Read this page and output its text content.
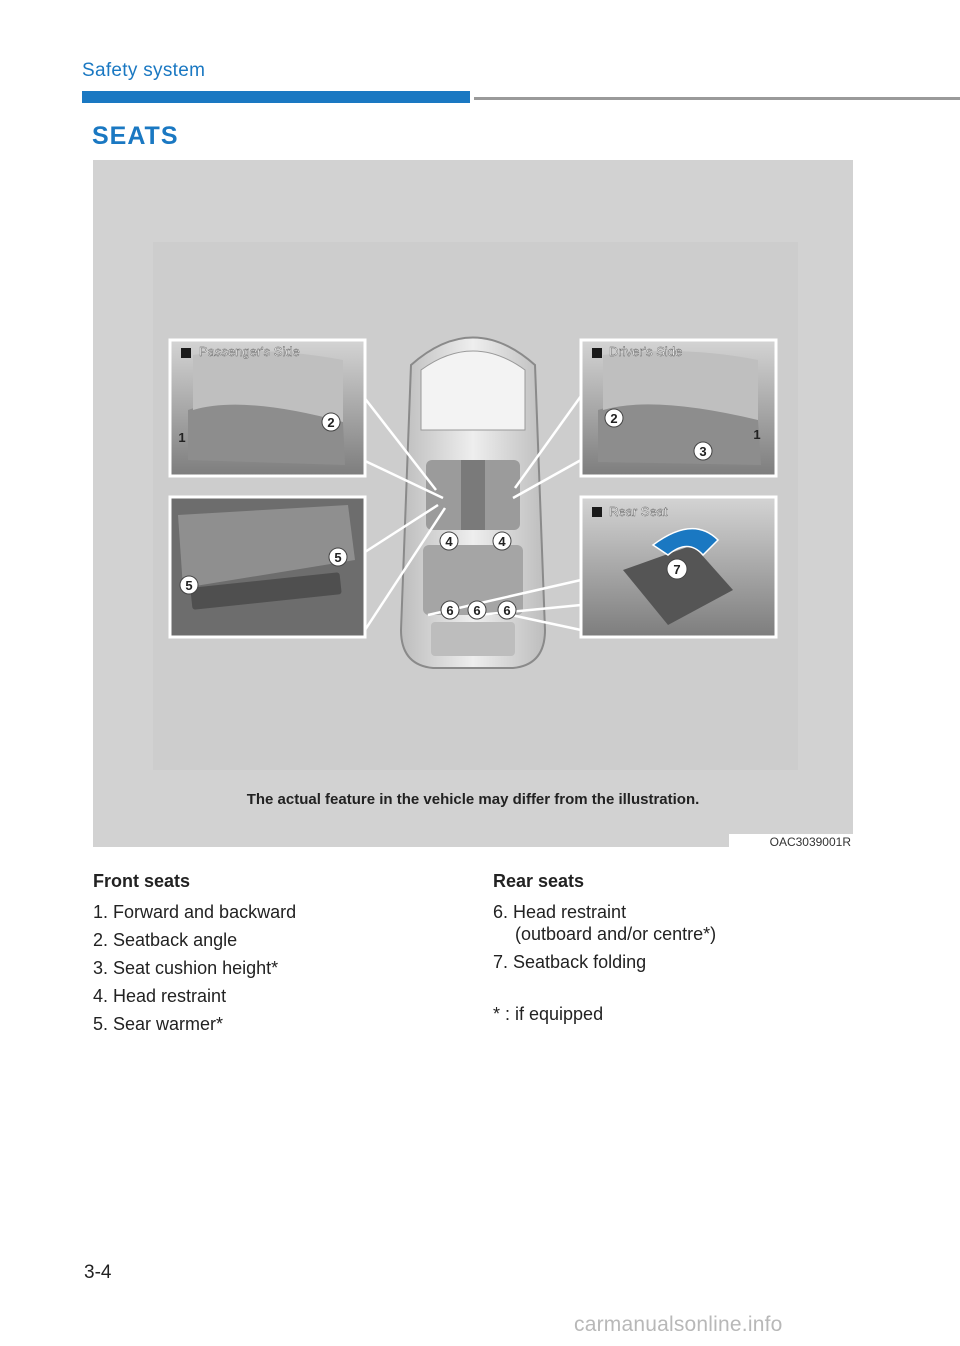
Safety system
SEATS
Passenger's Side	Driver's Side
Rear Seat
1
2	2
3
1
5
5
4	4
6 6 6
7
The actual feature in the vehicle may differ from the illustration.
OAC3039001R
Front seats
1. Forward and backward
2. Seatback angle
3. Seat cushion height*
4. Head restraint
5. Sear warmer*
Rear seats
6. Head restraint
(outboard and/or centre*)
7. Seatback folding
* : if equipped
3-4
carmanualsonline.info
